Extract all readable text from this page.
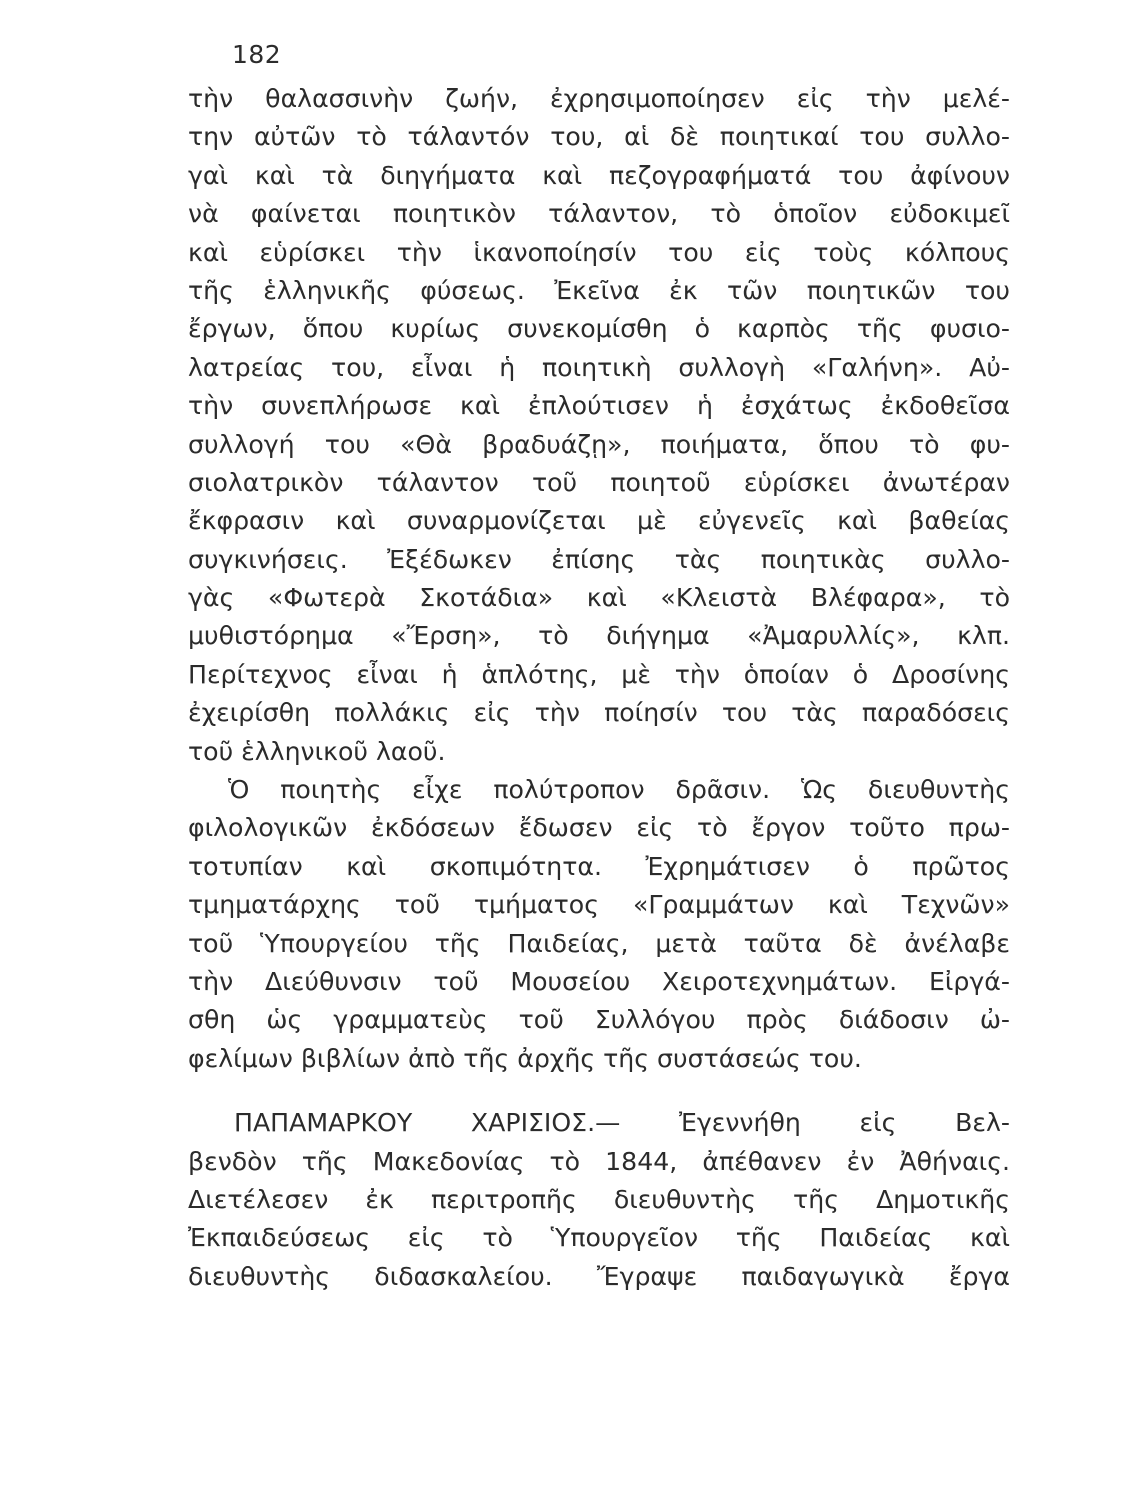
182

τὴν θαλασσινὴν ζωήν, ἐχρησιμοποίησεν εἰς τὴν μελέ-
την αὐτῶν τὸ τάλαντόν του, αἱ δὲ ποιητικαί του συλλο-
γαὶ καὶ τὰ διηγήματα καὶ πεζογραφήματά του ἀφίνουν
νὰ φαίνεται ποιητικὸν τάλαντον, τὸ ὁποῖον εὐδοκιμεῖ
καὶ εὑρίσκει τὴν ἱκανοποίησίν του εἰς τοὺς κόλπους
τῆς ἑλληνικῆς φύσεως. Ἐκεῖνα ἐκ τῶν ποιητικῶν του
ἔργων, ὅπου κυρίως συνεκομίσθη ὁ καρπὸς τῆς φυσιο-
λατρείας του, εἶναι ἡ ποιητικὴ συλλογὴ «Γαλήνη». Αὐ-
τὴν συνεπλήρωσε καὶ ἐπλούτισεν ἡ ἐσχάτως ἐκδοθεῖσα
συλλογή του «Θὰ βραδυάζῃ», ποιήματα, ὅπου τὸ φυ-
σιολατρικὸν τάλαντον τοῦ ποιητοῦ εὑρίσκει ἀνωτέραν
ἔκφρασιν καὶ συναρμονίζεται μὲ εὐγενεῖς καὶ βαθείας
συγκινήσεις. Ἐξέδωκεν ἐπίσης τὰς ποιητικὰς συλλο-
γὰς «Φωτερὰ Σκοτάδια» καὶ «Κλειστὰ Βλέφαρα», τὸ
μυθιστόρημα «Ἔρση», τὸ διήγημα «Ἀμαρυλλίς», κλπ.
Περίτεχνος εἶναι ἡ ἁπλότης, μὲ τὴν ὁποίαν ὁ Δροσίνης
ἐχειρίσθη πολλάκις εἰς τὴν ποίησίν του τὰς παραδόσεις
τοῦ ἑλληνικοῦ λαοῦ.
Ὁ ποιητὴς εἶχε πολύτροπον δρᾶσιν. Ὡς διευθυντὴς
φιλολογικῶν ἐκδόσεων ἔδωσεν εἰς τὸ ἔργον τοῦτο πρω-
τοτυπίαν καὶ σκοπιμότητα. Ἐχρημάτισεν ὁ πρῶτος
τμηματάρχης τοῦ τμήματος «Γραμμάτων καὶ Τεχνῶν»
τοῦ Ὑπουργείου τῆς Παιδείας, μετὰ ταῦτα δὲ ἀνέλαβε
τὴν Διεύθυνσιν τοῦ Μουσείου Χειροτεχνημάτων. Εἰργά-
σθη ὡς γραμματεὺς τοῦ Συλλόγου πρὸς διάδοσιν ὠ-
φελίμων βιβλίων ἀπὸ τῆς ἀρχῆς τῆς συστάσεώς του.
ΠΑΠΑΜΑΡΚΟΥ ΧΑΡΙΣΙΟΣ.— Ἐγεννήθη εἰς Βελ-
βενδὸν τῆς Μακεδονίας τὸ 1844, ἀπέθανεν ἐν Ἀθήναις.
Διετέλεσεν ἐκ περιτροπῆς διευθυντὴς τῆς Δημοτικῆς
Ἐκπαιδεύσεως εἰς τὸ Ὑπουργεῖον τῆς Παιδείας καὶ
διευθυντὴς διδασκαλείου. Ἔγραψε παιδαγωγικὰ ἔργα
